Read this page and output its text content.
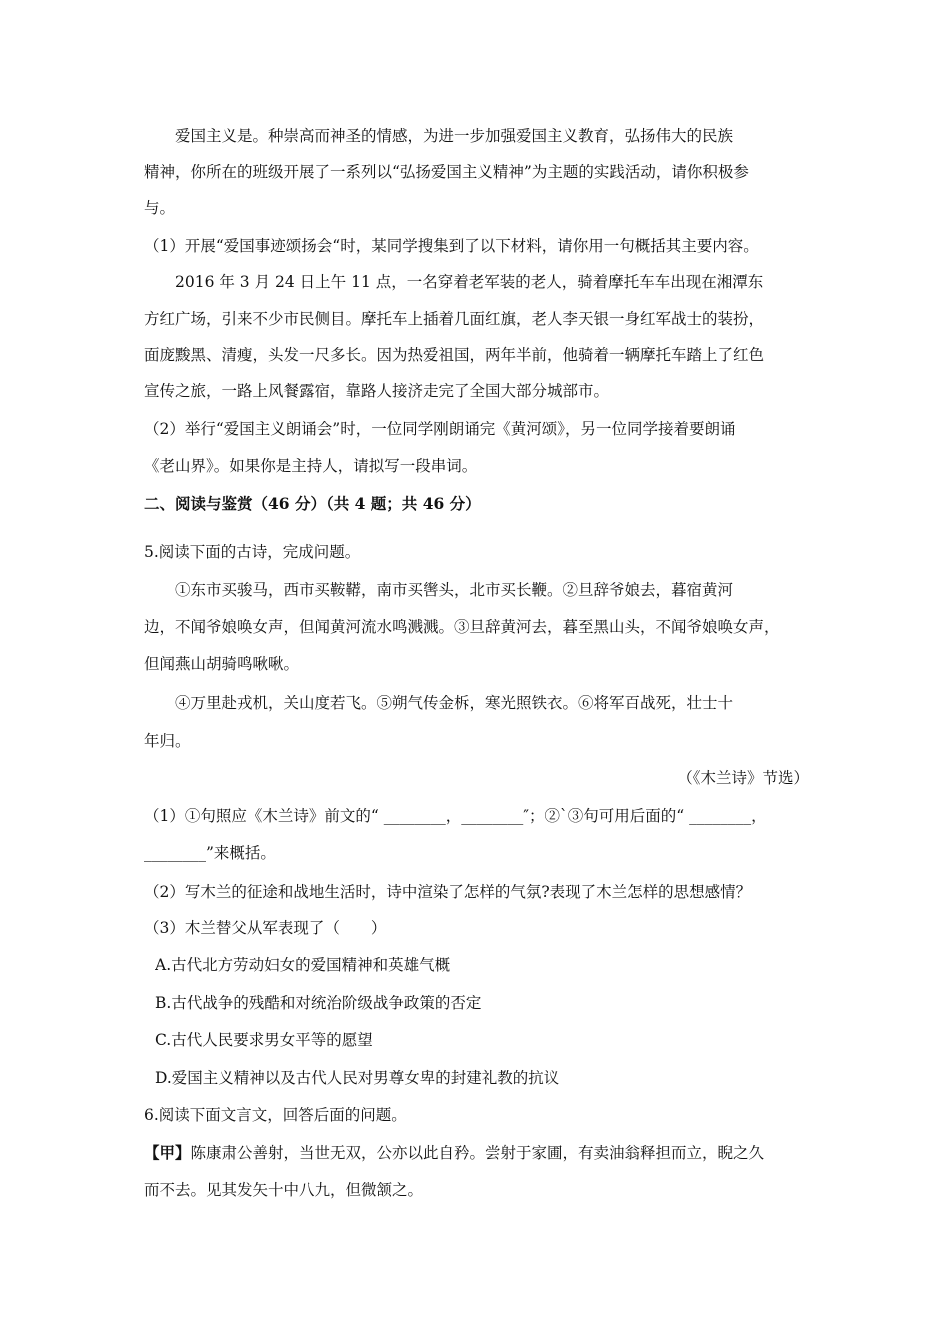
爱国主义是。种崇高而神圣的情感，为进一步加强爱国主义教育，弘扬伟大的民族
精神，你所在的班级开展了一系列以“弘扬爱国主义精神”为主题的实践活动，请你积极参
与。
（1）开展“爱国事迹颂扬会“时，某同学搜集到了以下材料，请你用一句概括其主要内容。
2016 年 3 月 24 日上午 11 点，一名穿着老军装的老人，骑着摩托车车出现在湘潭东
方红广场，引来不少市民侧目。摩托车上插着几面红旗，老人李天银一身红军战士的装扮，
面庞黢黑、清瘦，头发一尺多长。因为热爱祖国，两年半前，他骑着一辆摩托车踏上了红色
宣传之旅，一路上风餐露宿，靠路人接济走完了全国大部分城部市。
（2）举行“爱国主义朗诵会”时，一位同学刚朗诵完《黄河颂》，另一位同学接着要朗诵
《老山界》。如果你是主持人，请拟写一段串词。
二、阅读与鉴赏（46 分）（共 4 题；共 46 分）
5.阅读下面的古诗，完成问题。
①东市买骏马，西市买鞍鞯，南市买辔头，北市买长鞭。②旦辞爷娘去，暮宿黄河
边，不闻爷娘唤女声，但闻黄河流水鸣溅溅。③旦辞黄河去，暮至黑山头，不闻爷娘唤女声，
但闻燕山胡骑鸣啾啾。
④万里赴戎机，关山度若飞。⑤朔气传金柝，寒光照铁衣。⑥将军百战死，壮士十
年归。
（《木兰诗》节选）
（1）①句照应《木兰诗》前文的“ ________，________″；②ˋ③句可用后面的“ ________，
________”来概括。
（2）写木兰的征途和战地生活时，诗中渲染了怎样的气氛?表现了木兰怎样的思想感情？
（3）木兰替父从军表现了（　　）
A.古代北方劳动妇女的爱国精神和英雄气概
B.古代战争的残酷和对统治阶级战争政策的否定
C.古代人民要求男女平等的愿望
D.爱国主义精神以及古代人民对男尊女卑的封建礼教的抗议
6.阅读下面文言文，回答后面的问题。
【甲】陈康肃公善射，当世无双，公亦以此自矜。尝射于家圃，有卖油翁释担而立，睨之久
而不去。见其发矢十中八九，但微颔之。
